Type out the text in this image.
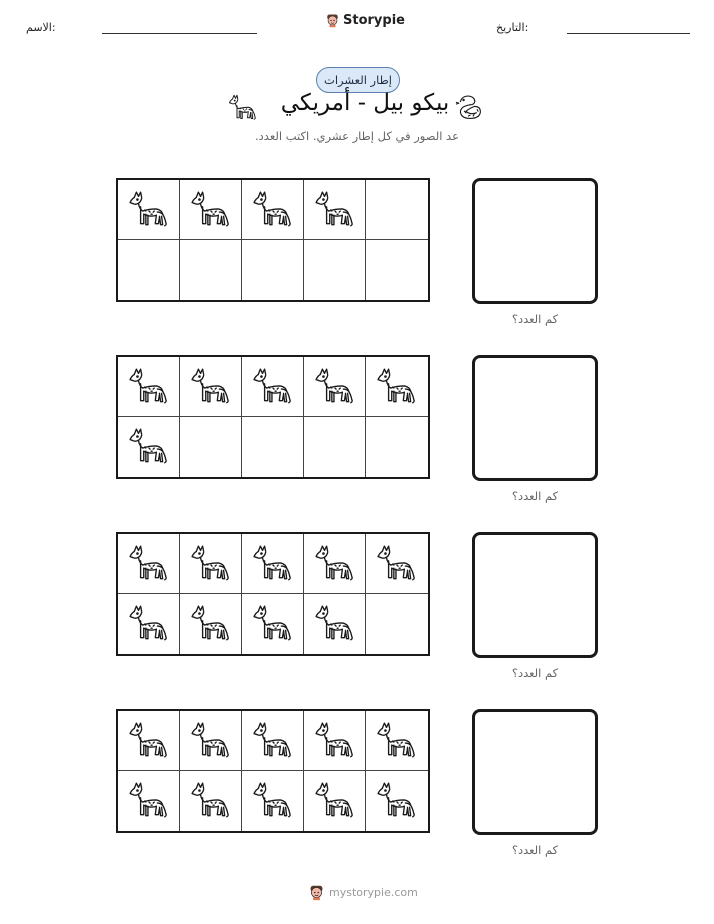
الاسم:	Storypie	التاريخ:
إطار العشرات
بيكو بيل - أمريكي
عد الصور في كل إطار عشري. اكتب العدد.
كم العدد؟
كم العدد؟
كم العدد؟
كم العدد؟
mystorypie.com
